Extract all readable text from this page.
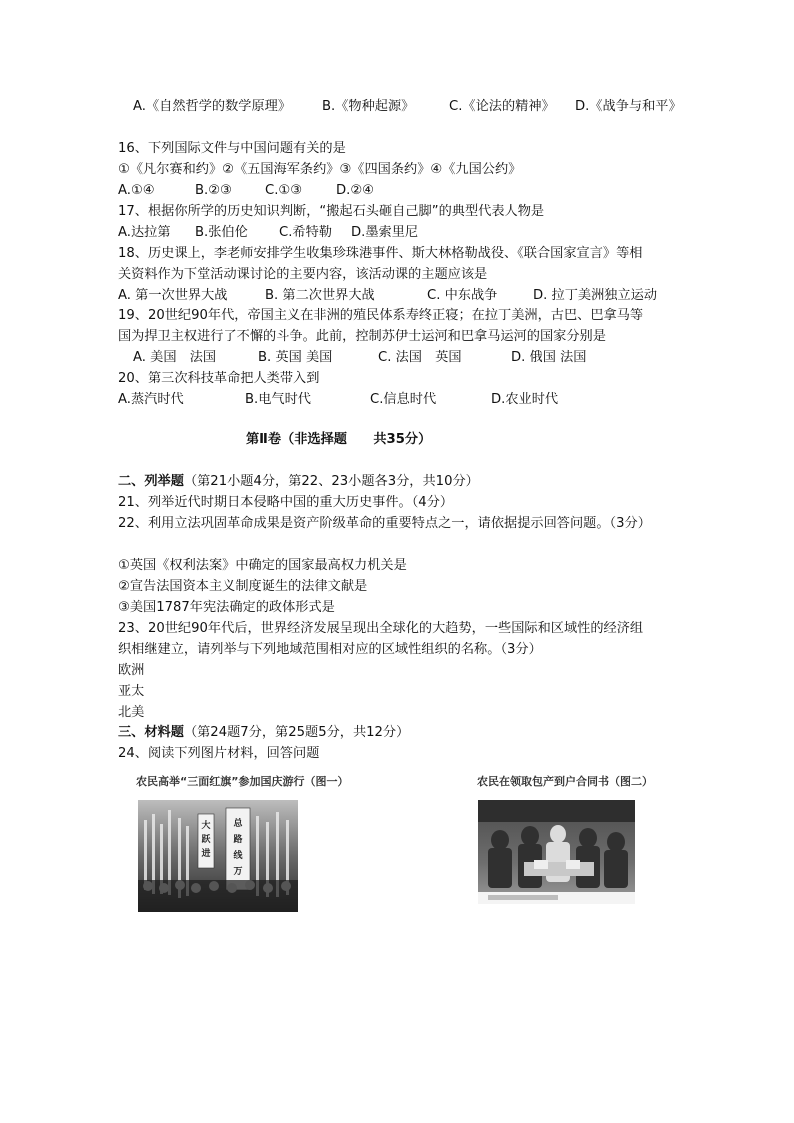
A.《自然哲学的数学原理》 B.《物种起源》	C.《论法的精神》 D.《战争与和平》
16、下列国际文件与中国问题有关的是
①《凡尔赛和约》②《五国海军条约》③《四国条约》④《九国公约》
A.①④	B.②③	C.①③	D.②④
17、根据你所学的历史知识判断，“搬起石头砸自己脚”的典型代表人物是
A.达拉第 B.张伯伦 C.希特勒 D.墨索里尼
18、历史课上，李老师安排学生收集珍珠港事件、斯大林格勒战役、《联合国家宣言》等相
关资料作为下堂活动课讨论的主要内容，该活动课的主题应该是
A. 第一次世界大战	B. 第二次世界大战	C. 中东战争	D. 拉丁美洲独立运动
19、20世纪90年代，帝国主义在非洲的殖民体系寿终正寝；在拉丁美洲，古巴、巴拿马等
国为捍卫主权进行了不懈的斗争。此前，控制苏伊士运河和巴拿马运河的国家分别是
A. 美国　法国	B. 英国 美国	C. 法国　英国	D. 俄国 法国
20、第三次科技革命把人类带入到
A.蒸汽时代	B.电气时代	C.信息时代	D.农业时代
第Ⅱ卷（非选择题　　共35分）
二、列举题（第21小题4分，第22、23小题各3分，共10分）
21、列举近代时期日本侵略中国的重大历史事件。（4分）
22、利用立法巩固革命成果是资产阶级革命的重要特点之一，请依据提示回答问题。（3分）
①英国《权利法案》中确定的国家最高权力机关是
②宣告法国资本主义制度诞生的法律文献是
③美国1787年宪法确定的政体形式是
23、20世纪90年代后，世界经济发展呈现出全球化的大趋势，一些国际和区域性的经济组
织相继建立，请列举与下列地域范围相对应的区域性组织的名称。（3分）
欧洲
亚太
北美
三、材料题（第24题7分，第25题5分，共12分）
24、阅读下列图片材料，回答问题
农民高举“三面红旗”参加国庆游行（图一）	农民在领取包产到户合同书（图二）
大
跃
进
总
路
线
万
